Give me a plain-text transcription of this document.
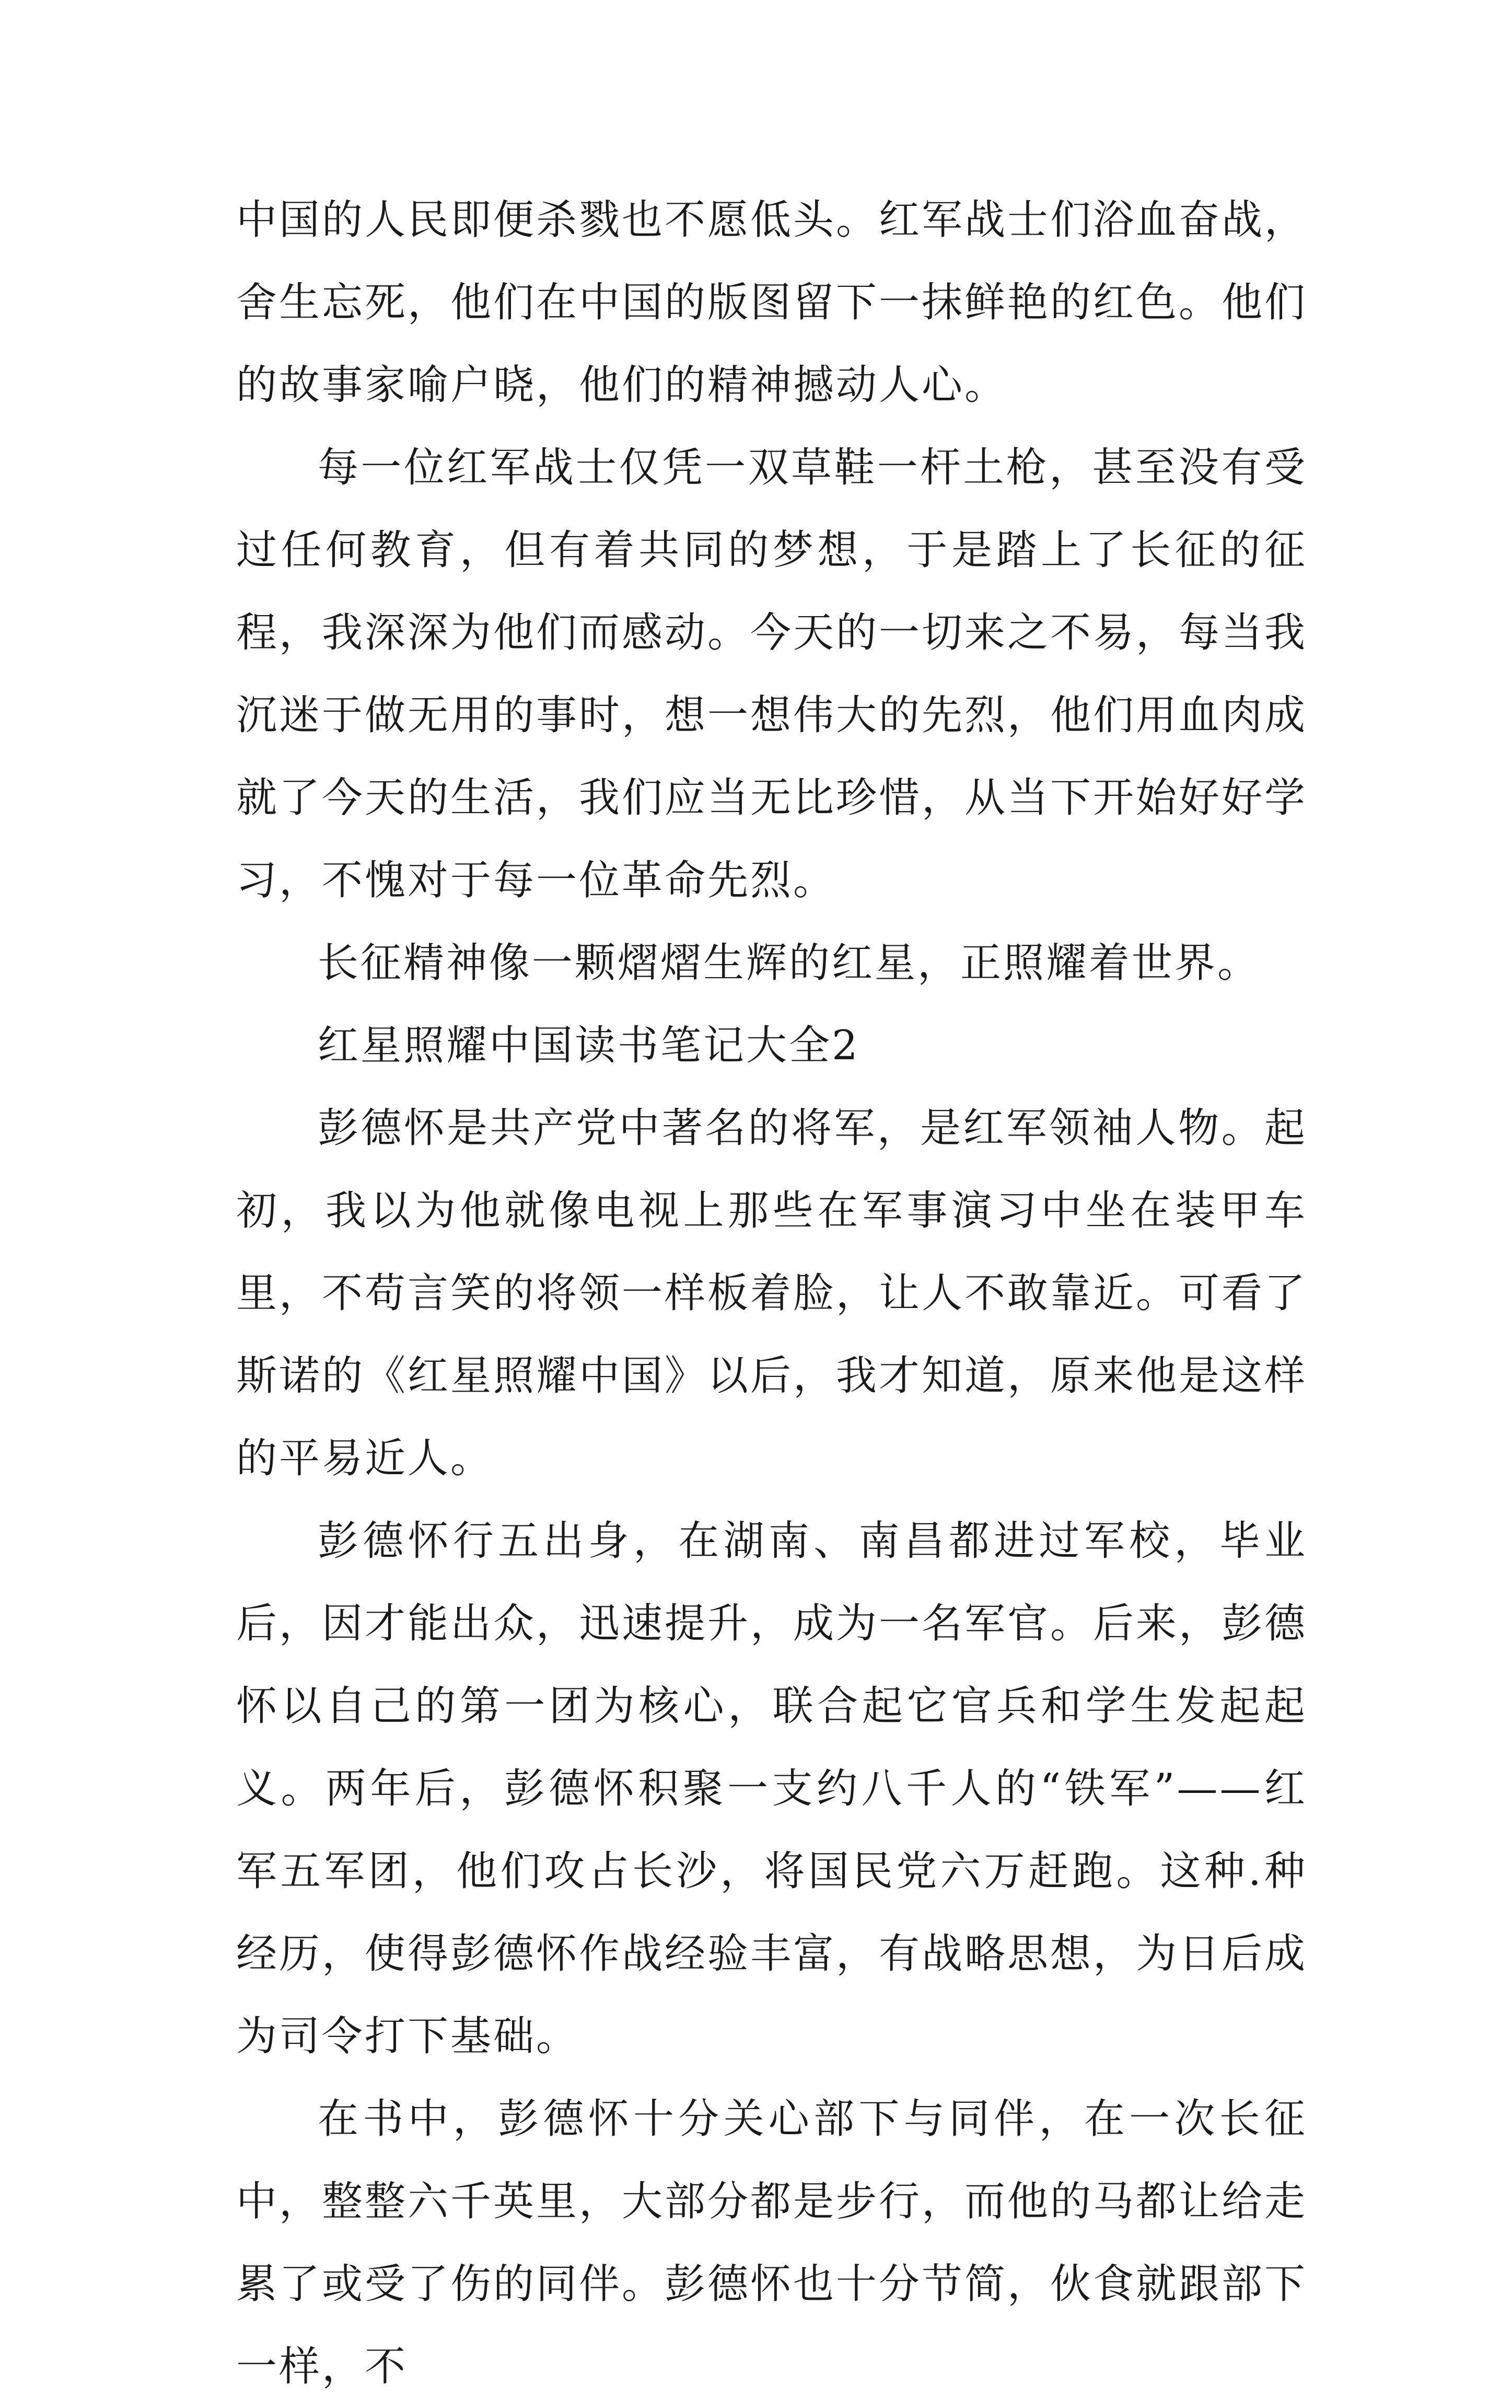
中国的人民即便杀戮也不愿低头。红军战士们浴血奋战，舍生忘死，他们在中国的版图留下一抹鲜艳的红色。他们的故事家喻户晓，他们的精神撼动人心。

每一位红军战士仅凭一双草鞋一杆土枪，甚至没有受过任何教育，但有着共同的梦想，于是踏上了长征的征程，我深深为他们而感动。今天的一切来之不易，每当我沉迷于做无用的事时，想一想伟大的先烈，他们用血肉成就了今天的生活，我们应当无比珍惜，从当下开始好好学习，不愧对于每一位革命先烈。

长征精神像一颗熠熠生辉的红星，正照耀着世界。

红星照耀中国读书笔记大全2

彭德怀是共产党中著名的将军，是红军领袖人物。起初，我以为他就像电视上那些在军事演习中坐在装甲车里，不苟言笑的将领一样板着脸，让人不敢靠近。可看了斯诺的《红星照耀中国》以后，我才知道，原来他是这样的平易近人。

彭德怀行五出身，在湖南、南昌都进过军校，毕业后，因才能出众，迅速提升，成为一名军官。后来，彭德怀以自己的第一团为核心，联合起它官兵和学生发起起义。两年后，彭德怀积聚一支约八千人的“铁军”——红军五军团，他们攻占长沙，将国民党六万赶跑。这种.种经历，使得彭德怀作战经验丰富，有战略思想，为日后成为司令打下基础。

在书中，彭德怀十分关心部下与同伴，在一次长征中，整整六千英里，大部分都是步行，而他的马都让给走累了或受了伤的同伴。彭德怀也十分节简，伙食就跟部下一样，不
